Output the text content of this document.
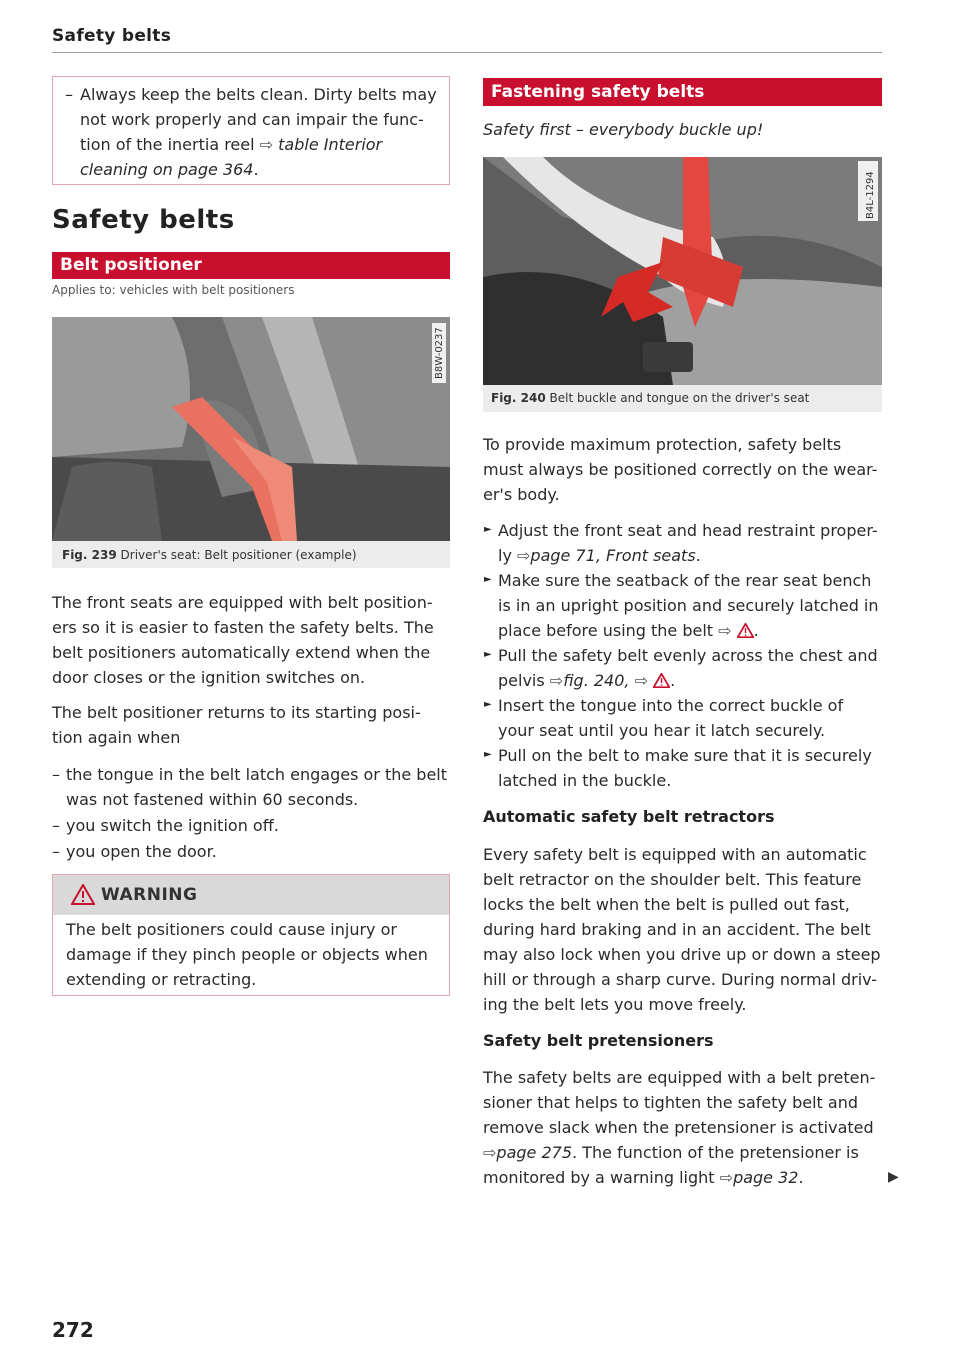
Safety belts
– Always keep the belts clean. Dirty belts may not work properly and can impair the func-tion of the inertia reel ⇨ table Interior cleaning on page 364.
Safety belts
Belt positioner
Applies to: vehicles with belt positioners
B8W-0237
Fig. 239 Driver's seat: Belt positioner (example)
The front seats are equipped with belt position-ers so it is easier to fasten the safety belts. The belt positioners automatically extend when the door closes or the ignition switches on.
The belt positioner returns to its starting posi-tion again when
– the tongue in the belt latch engages or the belt was not fastened within 60 seconds.
– you switch the ignition off.
– you open the door.
WARNING
The belt positioners could cause injury or damage if they pinch people or objects when extending or retracting.
272
Fastening safety belts
Safety first – everybody buckle up!
B4L-1294
Fig. 240 Belt buckle and tongue on the driver's seat
To provide maximum protection, safety belts must always be positioned correctly on the wear-er's body.
► Adjust the front seat and head restraint proper-ly ⇨page 71, Front seats.
► Make sure the seatback of the rear seat bench is in an upright position and securely latched in place before using the belt ⇨ .
► Pull the safety belt evenly across the chest and pelvis ⇨fig. 240, ⇨ .
► Insert the tongue into the correct buckle of your seat until you hear it latch securely.
► Pull on the belt to make sure that it is securely latched in the buckle.
Automatic safety belt retractors
Every safety belt is equipped with an automatic belt retractor on the shoulder belt. This feature locks the belt when the belt is pulled out fast, during hard braking and in an accident. The belt may also lock when you drive up or down a steep hill or through a sharp curve. During normal driv-ing the belt lets you move freely.
Safety belt pretensioners
The safety belts are equipped with a belt preten-sioner that helps to tighten the safety belt and remove slack when the pretensioner is activated ⇨page 275. The function of the pretensioner is monitored by a warning light ⇨page 32.	▶
